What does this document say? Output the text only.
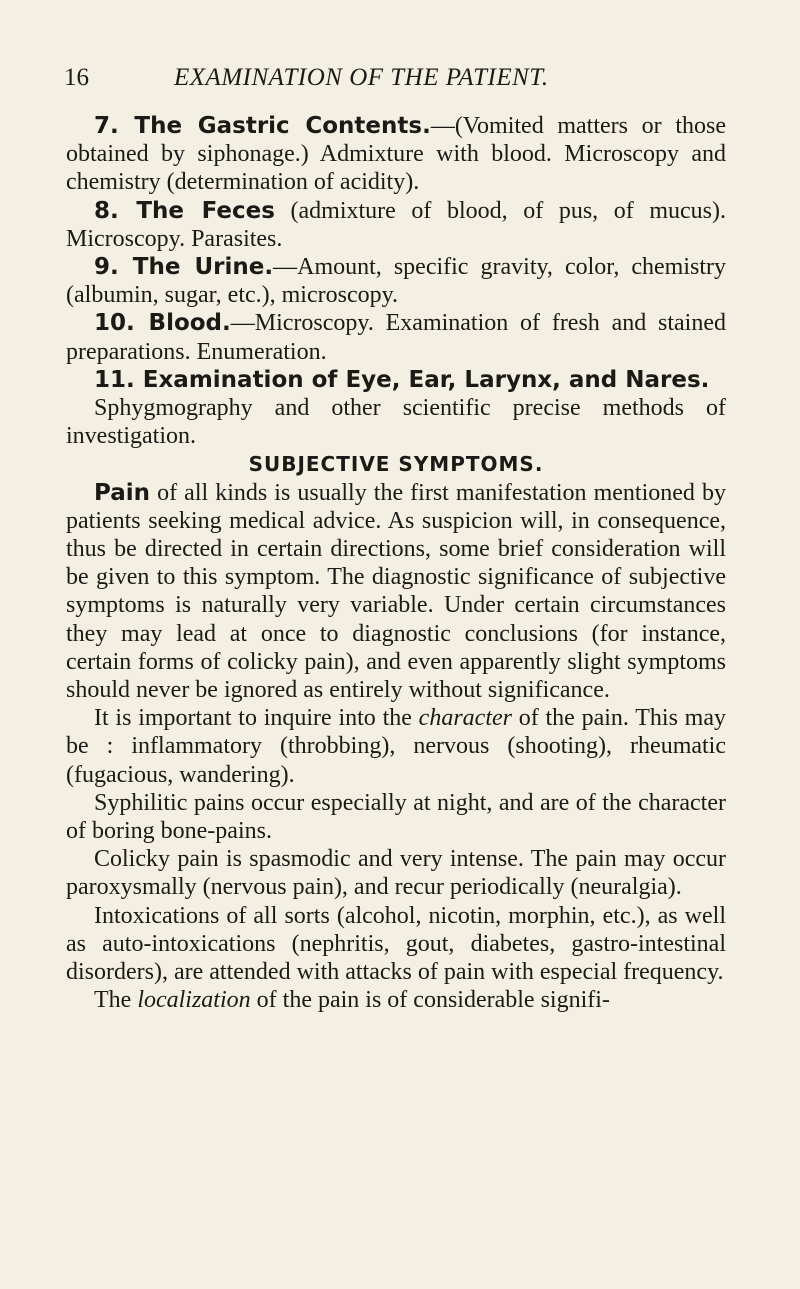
16	EXAMINATION OF THE PATIENT.

7. The Gastric Contents.—(Vomited matters or those obtained by siphonage.) Admixture with blood. Microscopy and chemistry (determination of acidity).

8. The Feces (admixture of blood, of pus, of mucus). Microscopy. Parasites.

9. The Urine.—Amount, specific gravity, color, chemistry (albumin, sugar, etc.), microscopy.

10. Blood.—Microscopy. Examination of fresh and stained preparations. Enumeration.

11. Examination of Eye, Ear, Larynx, and Nares.

Sphygmography and other scientific precise methods of investigation.

SUBJECTIVE SYMPTOMS.

Pain of all kinds is usually the first manifestation mentioned by patients seeking medical advice. As suspicion will, in consequence, thus be directed in certain directions, some brief consideration will be given to this symptom. The diagnostic significance of subjective symptoms is naturally very variable. Under certain circumstances they may lead at once to diagnostic conclusions (for instance, certain forms of colicky pain), and even apparently slight symptoms should never be ignored as entirely without significance.

It is important to inquire into the character of the pain. This may be : inflammatory (throbbing), nervous (shooting), rheumatic (fugacious, wandering).

Syphilitic pains occur especially at night, and are of the character of boring bone-pains.

Colicky pain is spasmodic and very intense. The pain may occur paroxysmally (nervous pain), and recur periodically (neuralgia).

Intoxications of all sorts (alcohol, nicotin, morphin, etc.), as well as auto-intoxications (nephritis, gout, diabetes, gastro-intestinal disorders), are attended with attacks of pain with especial frequency.

The localization of the pain is of considerable signifi-
